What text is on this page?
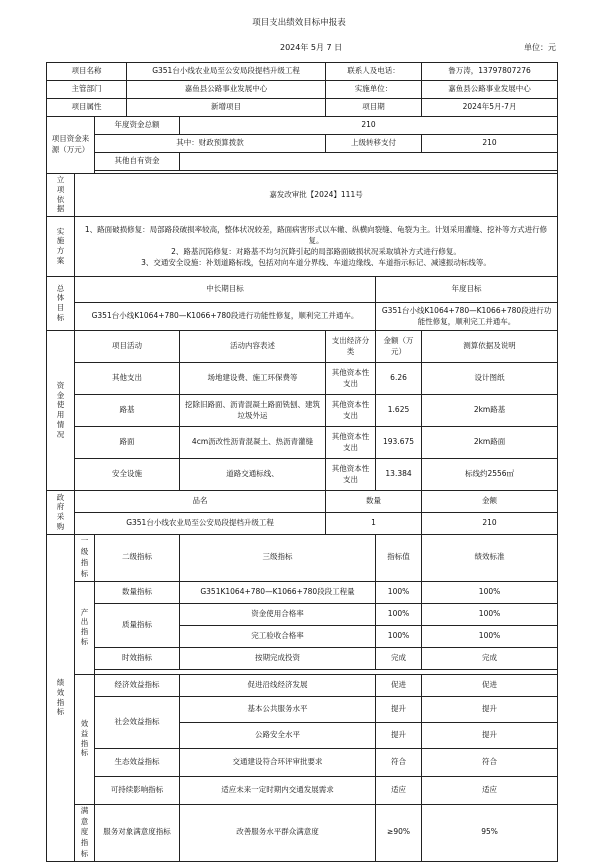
项目支出绩效目标申报表
2024年 5月 7 日	单位：元
项目名称			G351台小线农业局至公安局段提档升级工程		联系人及电话：		鲁万涛，13797807276
主管部门			嘉鱼县公路事业发展中心		实施单位：		嘉鱼县公路事业发展中心
项目属性			新增项目		项目期		2024年5月-7月
项目资金来源（万元）		年度资金总额		210			
		其中：财政预算拨款			上级转移支付		210
		其他自有资金					

立项依据	嘉发改审批【2024】111号						
实施方案	1、路面破损修复：局部路段破损率较高，整体状况较差，路面病害形式以车辙、纵横向裂缝、龟裂为主。计划采用灌缝、挖补等方式进行修复。
2、路基沉陷修复：对路基不均匀沉降引起的局部路面破损状况采取填补方式进行修复。
3、交通安全设施：补划道路标线，包括对向车道分界线、车道边缘线、车道指示标记、减速振动标线等。						

总体目标	中长期目标					年度目标	
	G351台小线K1064+780—K1066+780段进行功能性修复，顺利完工并通车。					G351台小线K1064+780—K1066+780段进行功能性修复，顺利完工并通车。	
资金使用情况	项目活动			活动内容表述	支出经济分类	金额（万元）	测算依据及说明
	其他支出			场地建设费、施工环保费等	其他资本性支出	6.26	设计图纸
	路基			挖除旧路面、沥青混凝土路面铣刨、建筑垃圾外运	其他资本性支出	1.625	2km路基
	路面			4cm沥改性沥青混凝土、热沥青灌缝	其他资本性支出	193.675	2km路面
	安全设施			道路交通标线、	其他资本性支出	13.384	标线约2556㎡
政府采购	品名				数量		金额
	G351台小线农业局至公安局段提档升级工程				1		210
绩效指标	一级指标	二级指标		三级指标		指标值	绩效标准
	产出指标	数量指标		G351K1064+780—K1066+780段段工程量		100%	100%
		质量指标		资金使用合格率		100%	100%
				完工验收合格率		100%	100%
		时效指标		按期完成投资		完成	完成

	效益指标	经济效益指标		促进沿线经济发展		促进	促进
		社会效益指标		基本公共服务水平		提升	提升
				公路安全水平		提升	提升
		生态效益指标		交通建设符合环评审批要求		符合	符合
		可持续影响指标		适应未来一定时期内交通发展需求		适应	适应
	满意度指标	服务对象满意度指标		改善服务水平群众满意度		≥90%	95%
